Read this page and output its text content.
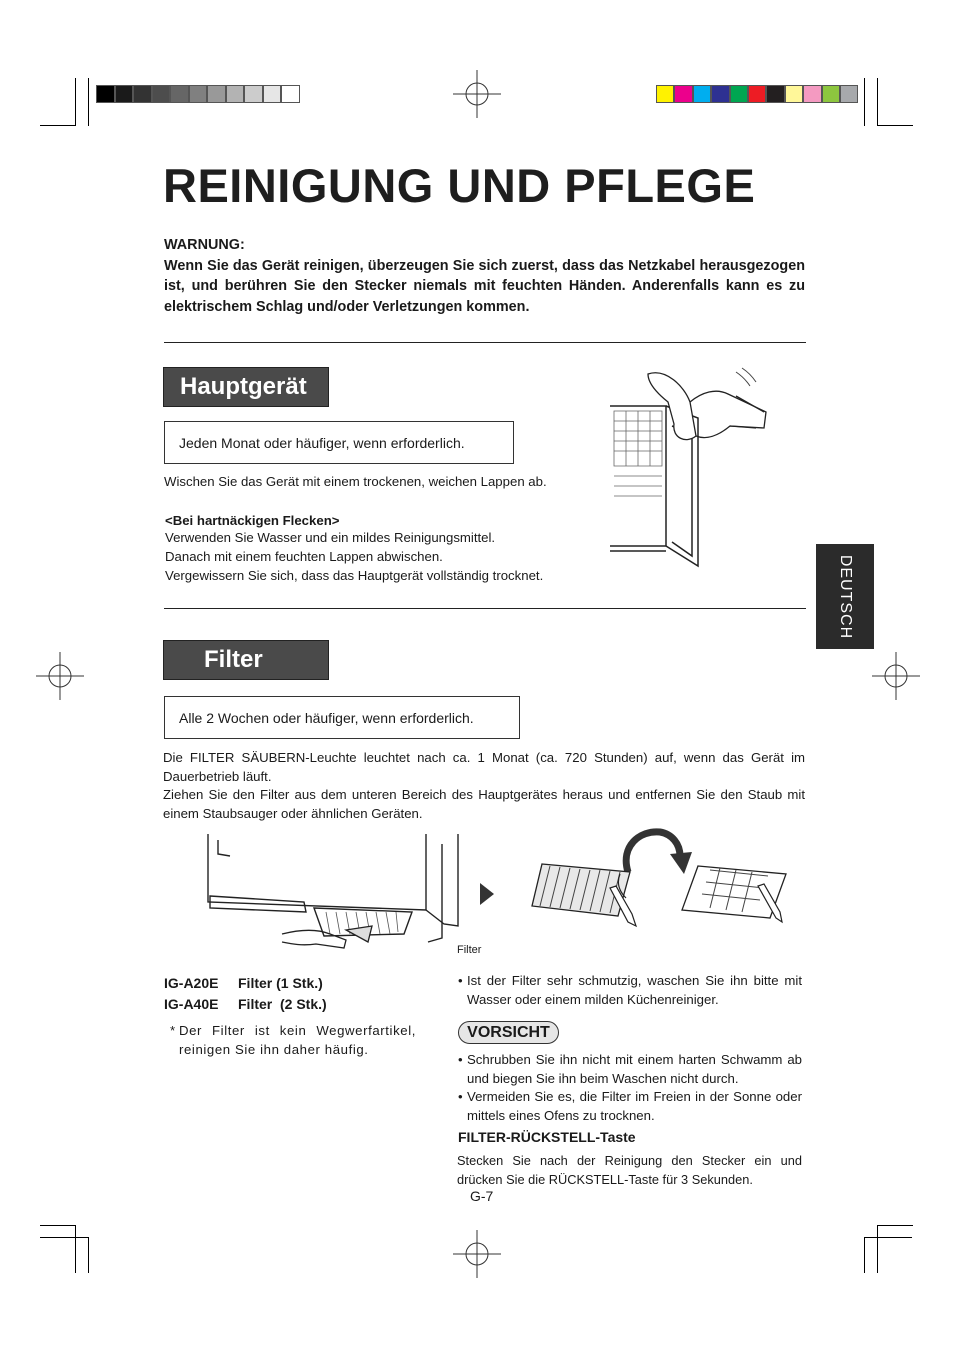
REINIGUNG UND PFLEGE
WARNUNG:
Wenn Sie das Gerät reinigen, überzeugen Sie sich zuerst, dass das Netzkabel herausgezogen ist, und berühren Sie den Stecker niemals mit feuchten Händen. Anderenfalls kann es zu elektrischem Schlag und/oder Verletzungen kommen.
Hauptgerät
Jeden Monat oder häufiger, wenn erforderlich.
Wischen Sie das Gerät mit einem trockenen, weichen Lappen ab.
<Bei hartnäckigen Flecken>
Verwenden Sie Wasser und ein mildes Reinigungsmittel.
Danach mit einem feuchten Lappen abwischen.
Vergewissern Sie sich, dass das Hauptgerät vollständig trocknet.
Filter
Alle 2 Wochen oder häufiger, wenn erforderlich.
Die FILTER SÄUBERN-Leuchte leuchtet nach ca. 1 Monat (ca. 720 Stunden) auf, wenn das Gerät im Dauerbetrieb läuft.
Ziehen Sie den Filter aus dem unteren Bereich des Hauptgerätes heraus und entfernen Sie den Staub mit einem Staubsauger oder ähnlichen Geräten.
Filter
IG-A20E Filter (1 Stk.)
IG-A40E Filter  (2 Stk.)
* Der Filter ist kein Wegwerfartikel, reinigen Sie ihn daher häufig.
• Ist der Filter sehr schmutzig, waschen Sie ihn bitte mit Wasser oder einem milden Küchenreiniger.
VORSICHT
• Schrubben Sie ihn nicht mit einem harten Schwamm ab und biegen Sie ihn beim Waschen nicht durch.
• Vermeiden Sie es, die Filter im Freien in der Sonne oder mittels eines Ofens zu trocknen.
FILTER-RÜCKSTELL-Taste
Stecken Sie nach der Reinigung den Stecker ein und drücken Sie die RÜCKSTELL-Taste für 3 Sekunden.
G-7
DEUTSCH
